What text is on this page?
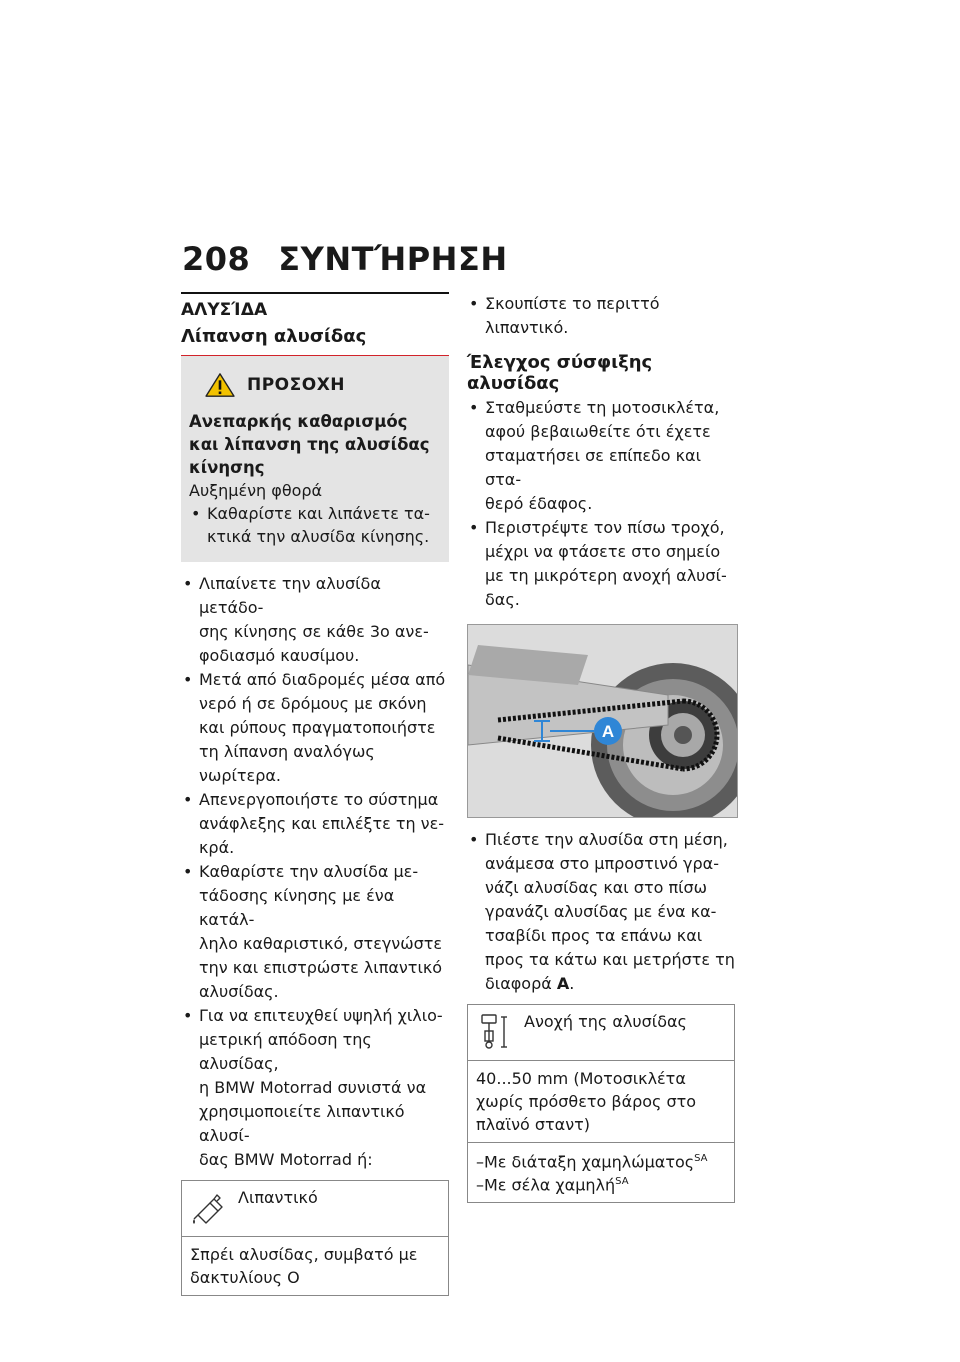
208 ΣΥΝΤΉΡΗΣΗ
ΑΛΥΣΊΔΑ
Λίπανση αλυσίδας
ΠΡΟΣΟΧΗ
Ανεπαρκής καθαρισμός
και λίπανση της αλυσίδας
κίνησης
Αυξημένη φθορά
• Καθαρίστε και λιπάνετε τα-
κτικά την αλυσίδα κίνησης.
• Λιπαίνετε την αλυσίδα μετάδο-
σης κίνησης σε κάθε 3ο ανε-
φοδιασμό καυσίμου.
• Μετά από διαδρομές μέσα από
νερό ή σε δρόμους με σκόνη
και ρύπους πραγματοποιήστε
τη λίπανση αναλόγως νωρίτερα.
• Απενεργοποιήστε το σύστημα
ανάφλεξης και επιλέξτε τη νε-
κρά.
• Καθαρίστε την αλυσίδα με-
τάδοσης κίνησης με ένα κατάλ-
ληλο καθαριστικό, στεγνώστε
την και επιστρώστε λιπαντικό
αλυσίδας.
• Για να επιτευχθεί υψηλή χιλιο-
μετρική απόδοση της αλυσίδας,
η BMW Motorrad συνιστά να
χρησιμοποιείτε λιπαντικό αλυσί-
δας BMW Motorrad ή:
Λιπαντικό
Σπρέι αλυσίδας, συμβατό με
δακτυλίους O
• Σκουπίστε το περιττό λιπαντικό.
Έλεγχος σύσφιξης αλυσίδας
• Σταθμεύστε τη μοτοσικλέτα,
αφού βεβαιωθείτε ότι έχετε
σταματήσει σε επίπεδο και στα-
θερό έδαφος.
• Περιστρέψτε τον πίσω τροχό,
μέχρι να φτάσετε στο σημείο
με τη μικρότερη ανοχή αλυσί-
δας.
A
• Πιέστε την αλυσίδα στη μέση,
ανάμεσα στο μπροστινό γρα-
νάζι αλυσίδας και στο πίσω
γρανάζι αλυσίδας με ένα κα-
τσαβίδι προς τα επάνω και
προς τα κάτω και μετρήστε τη
διαφορά A.
Ανοχή της αλυσίδας
40...50 mm (Μοτοσικλέτα
χωρίς πρόσθετο βάρος στο
πλαϊνό σταντ)
–Με διάταξη χαμηλώματος$^{SA}$
–Με σέλα χαμηλή$^{SA}$
